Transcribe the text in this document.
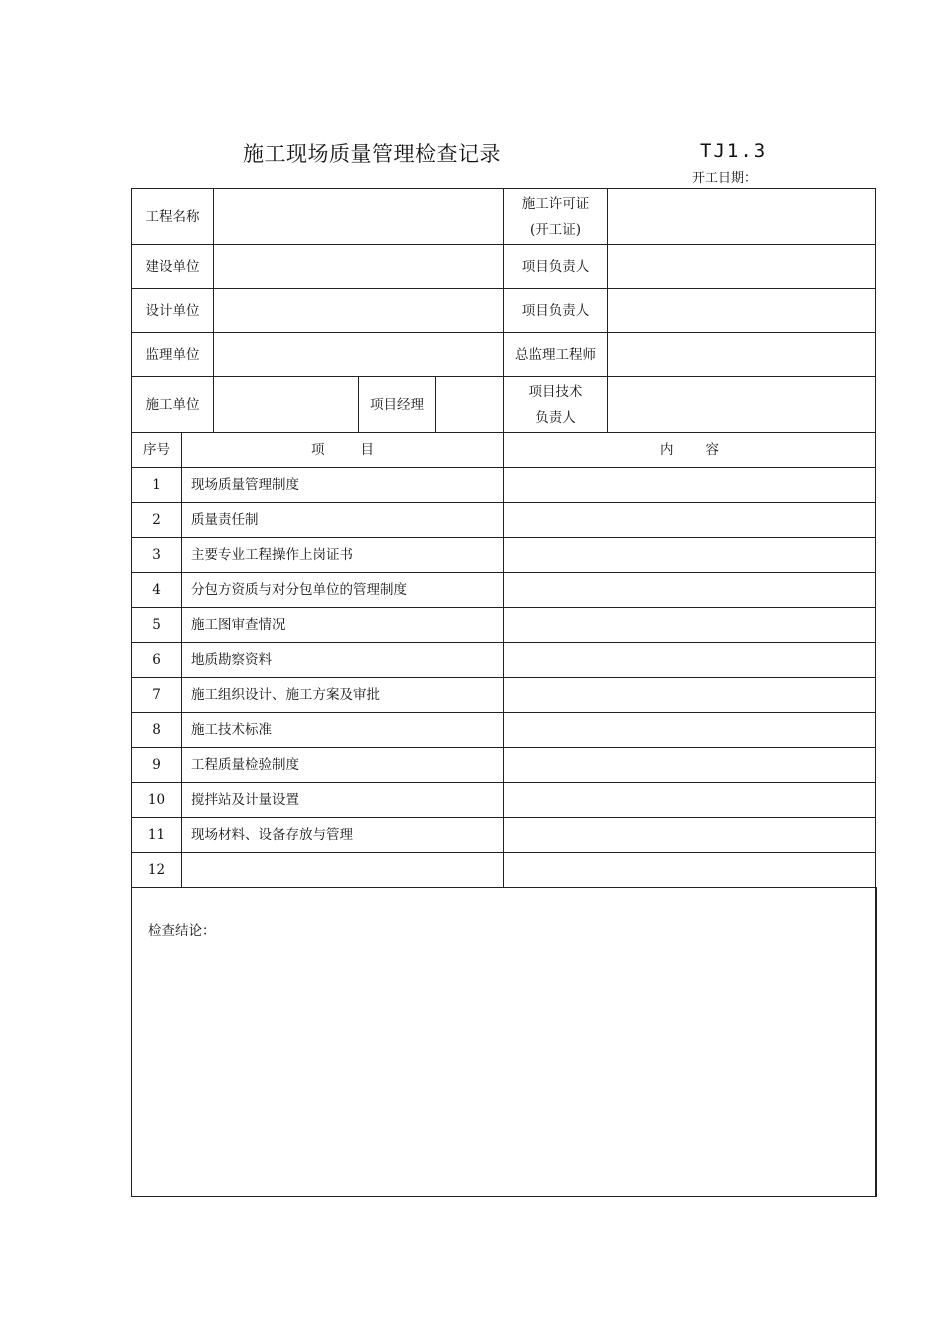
施工现场质量管理检查记录	TJ1.3
开工日期：
工程名称					施工许可证
(开工证)	

建设单位					项目负责人	
设计单位					项目负责人	
监理单位					总监理工程师	
施工单位			项目经理		项目技术
负责人	

序号	项目				内容	
1	现场质量管理制度					
2	质量责任制					
3	主要专业工程操作上岗证书					
4	分包方资质与对分包单位的管理制度					
5	施工图审查情况					
6	地质勘察资料					
7	施工组织设计、施工方案及审批					
8	施工技术标准					
9	工程质量检验制度					
10	搅拌站及计量设置					
11	现场材料、设备存放与管理					
12						
检查结论：						
